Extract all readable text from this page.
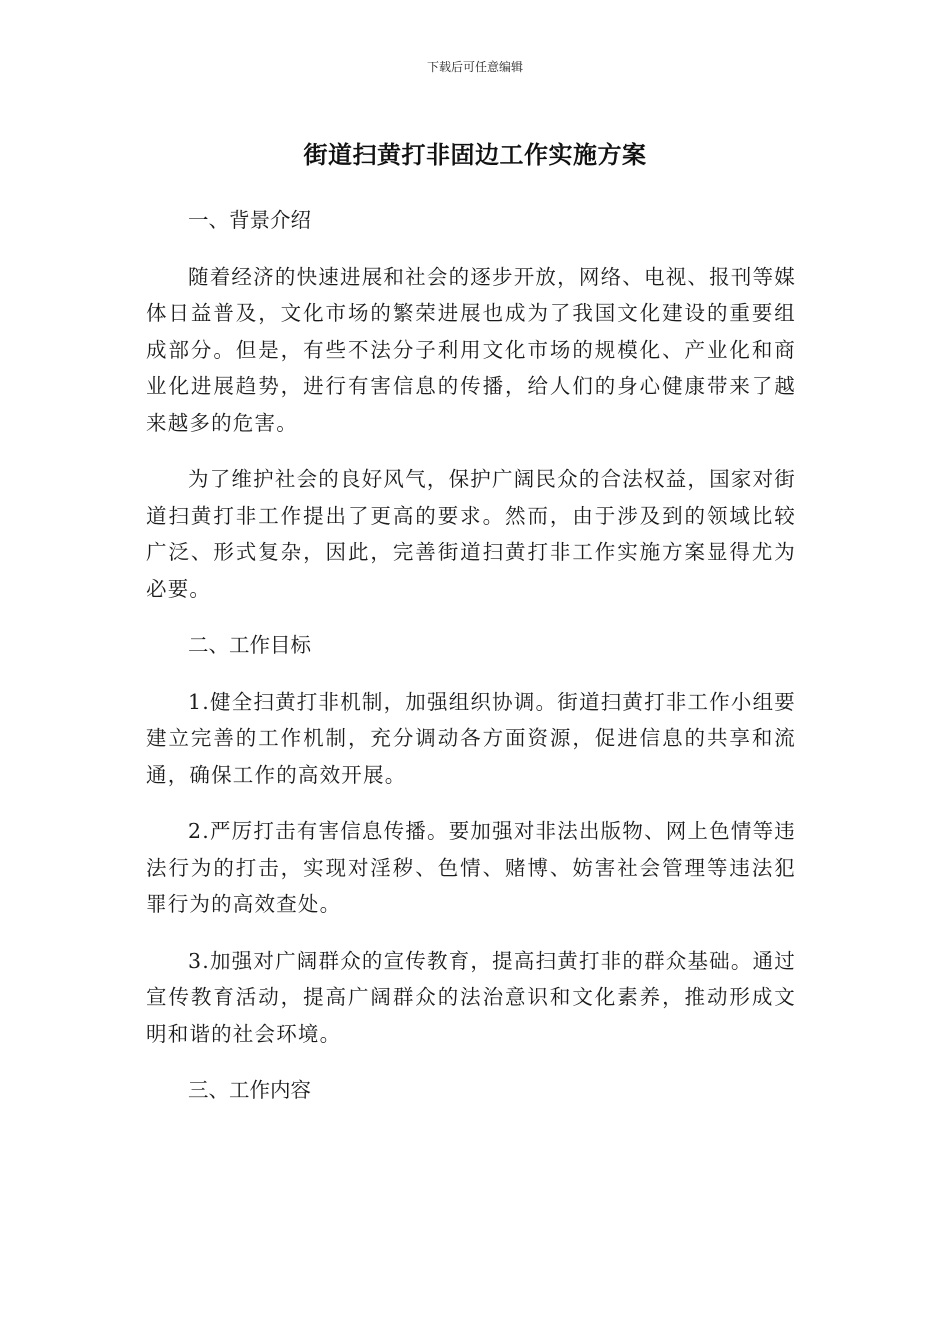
下载后可任意编辑
街道扫黄打非固边工作实施方案

一、背景介绍

随着经济的快速进展和社会的逐步开放，网络、电视、报刊等媒体日益普及，文化市场的繁荣进展也成为了我国文化建设的重要组成部分。但是，有些不法分子利用文化市场的规模化、产业化和商业化进展趋势，进行有害信息的传播，给人们的身心健康带来了越来越多的危害。

为了维护社会的良好风气，保护广阔民众的合法权益，国家对街道扫黄打非工作提出了更高的要求。然而，由于涉及到的领域比较广泛、形式复杂，因此，完善街道扫黄打非工作实施方案显得尤为必要。

二、工作目标

1.健全扫黄打非机制，加强组织协调。街道扫黄打非工作小组要建立完善的工作机制，充分调动各方面资源，促进信息的共享和流通，确保工作的高效开展。

2.严厉打击有害信息传播。要加强对非法出版物、网上色情等违法行为的打击，实现对淫秽、色情、赌博、妨害社会管理等违法犯罪行为的高效查处。

3.加强对广阔群众的宣传教育，提高扫黄打非的群众基础。通过宣传教育活动，提高广阔群众的法治意识和文化素养，推动形成文明和谐的社会环境。

三、工作内容
